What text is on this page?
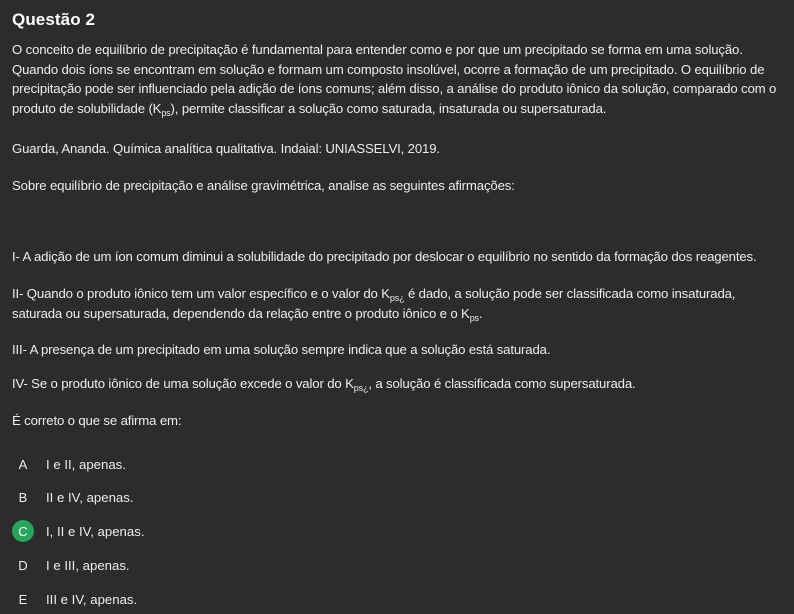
Questão 2
O conceito de equilíbrio de precipitação é fundamental para entender como e por que um precipitado se forma em uma solução.
Quando dois íons se encontram em solução e formam um composto insolúvel, ocorre a formação de um precipitado. O equilíbrio de
precipitação pode ser influenciado pela adição de íons comuns; além disso, a análise do produto iônico da solução, comparado com o
produto de solubilidade $(K_{ps})$, permite classificar a solução como saturada, insaturada ou supersaturada.
Guarda, Ananda. Química analítica qualitativa. Indaial: UNIASSELVI, 2019.
Sobre equilíbrio de precipitação e análise gravimétrica, analise as seguintes afirmações:
I- A adição de um íon comum diminui a solubilidade do precipitado por deslocar o equilíbrio no sentido da formação dos reagentes.
II- Quando o produto iônico tem um valor específico e o valor do $K_{ps¿}$ é dado, a solução pode ser classificada como insaturada,
saturada ou supersaturada, dependendo da relação entre o produto iônico e o $K_{ps}$.
III- A presença de um precipitado em uma solução sempre indica que a solução está saturada.
IV- Se o produto iônico de uma solução excede o valor do $K_{ps¿}$, a solução é classificada como supersaturada.
É correto o que se afirma em:
A	I e II, apenas.
B	II e IV, apenas.
C	I, II e IV, apenas.
D	I e III, apenas.
E	III e IV, apenas.
